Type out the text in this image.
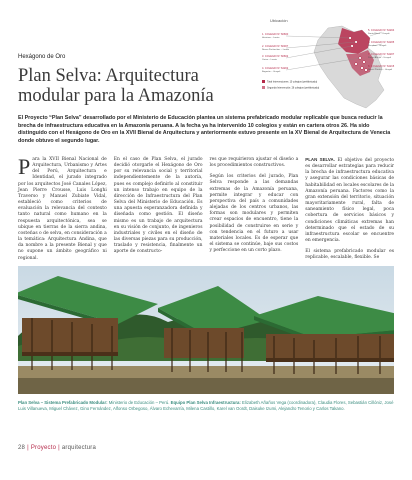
Hexágono de Oro
Plan Selva: Arquitectura modular para la Amazonía
Ubicación
1. COLEGIO Nº 60600
2. COLEGIO Nº 60307
3. COLEGIO Nº 60602
4. COLEGIO Nº 64202
5. COLEGIO Nº 64204
6. COLEGIO Nº 64205
7. COLEGIO Nº 64207
8. COLEGIO Nº 64215
Huiririma – Loreto
Nuevo Pachacútec – Loreto
Yarina – Loreto
Bagazán – Ucayali
Santa Elena – Ucayali
Sheshea – Ucayali
Puerto Alegre – Ucayali
Nuevo Paraíso – Ucayali
Total Intervenciones: 10 colegios (prefabricado)
Segunda Intervención: 26 colegios (prefabricado)

El Proyecto “Plan Selva” desarrollado por el Ministerio de Educación plantea un sistema prefabricado modular replicable que busca reducir la brecha de infraestructura educativa en la Amazonía peruana. A la fecha ya ha intervenido 10 colegios y están en cartera otros 26. Ha sido distinguido con el Hexágono de Oro en la XVII Bienal de Arquitectura y anteriormente estuvo presente en la XV Bienal de Arquitectura de Venecia donde obtuvo el segundo lugar.

Para la XVII Bienal Nacional de Arquitectura, Urbanismo y Artes del Perú, Arquitectura e Identidad, el jurado integrado por los arquitectos José Canales López, Jean Pierre Crousse, Luis Longhi Traverso y Manuel Zubiate Vidal, estableció como criterios de evaluación la relevancia del contexto tanto natural como humano en la respuesta arquitectónica, sea se ubique en tierras de la sierra andina, costeñas o de selva, en consideración a la temática: Arquitectura Andina, que da nombre a la presente Bienal y que no supone un ámbito geográfico ni regional.

En el caso de Plan Selva, el jurado decidió otorgarle el Hexágono de Oro por su relevancia social y territorial independientemente de la autoría, pues es complejo definirlo al constituir un intenso trabajo en equipo de la dirección de Infraestructura del Plan Selva del Ministerio de Educación. Es una apuesta esperanzadora definida y diseñada como gestión. El diseño mismo es un trabajo de arquitectura en su visión de conjunto, de ingenieros industriales y civiles en el diseño de las diversas piezas para su producción, traslado y resistencia, finalmente un aporte de constructo-

res que requirieron ajustar el diseño a los procedimientos constructivos.

Según los criterios del jurado, Plan Selva responde a las demandas extremas de la Amazonía peruana, permite integrar y educar con perspectiva del país a comunidades alejadas de los centros urbanos, las formas son modulares y permiten crear espacios de encuentro, tiene la posibilidad de construirse en serie y con tendencia en el futuro a usar materiales locales. Es de esperar que el sistema se continúe, baje sus costos y perfeccione en un corto plazo.

PLAN SELVA. El objetivo del proyecto es desarrollar estrategias para reducir la brecha de infraestructura educativa y asegurar las condiciones básicas de habitabilidad en locales escolares de la Amazonía peruana. Factores como la gran extensión del territorio, situación mayoritariamente rural, falta de saneamiento físico legal, poca cobertura de servicios básicos y condiciones climáticas extremas han determinado que el estado de su infraestructura escolar se encuentre en emergencia.

El sistema prefabricado modular es replicable, escalable, flexible. Se

Plan Selva – Sistema Prefabricado Modular: Ministerio de Educación – Perú. Equipo Plan Selva Infraestructura: Elizabeth Añaños Vega (coordinadora), Claudia Flores, Sebastián Cillóniz, José Luis Villanueva, Miguel Chávez, Gino Fernández, Alfonso Orbegoso, Álvaro Echevarría, Milena Castillo, Karel van Oordt, Daisuke Izumi, Alejandro Tenorio y Carlos Takano.

28 | Proyecto | arquitectura
